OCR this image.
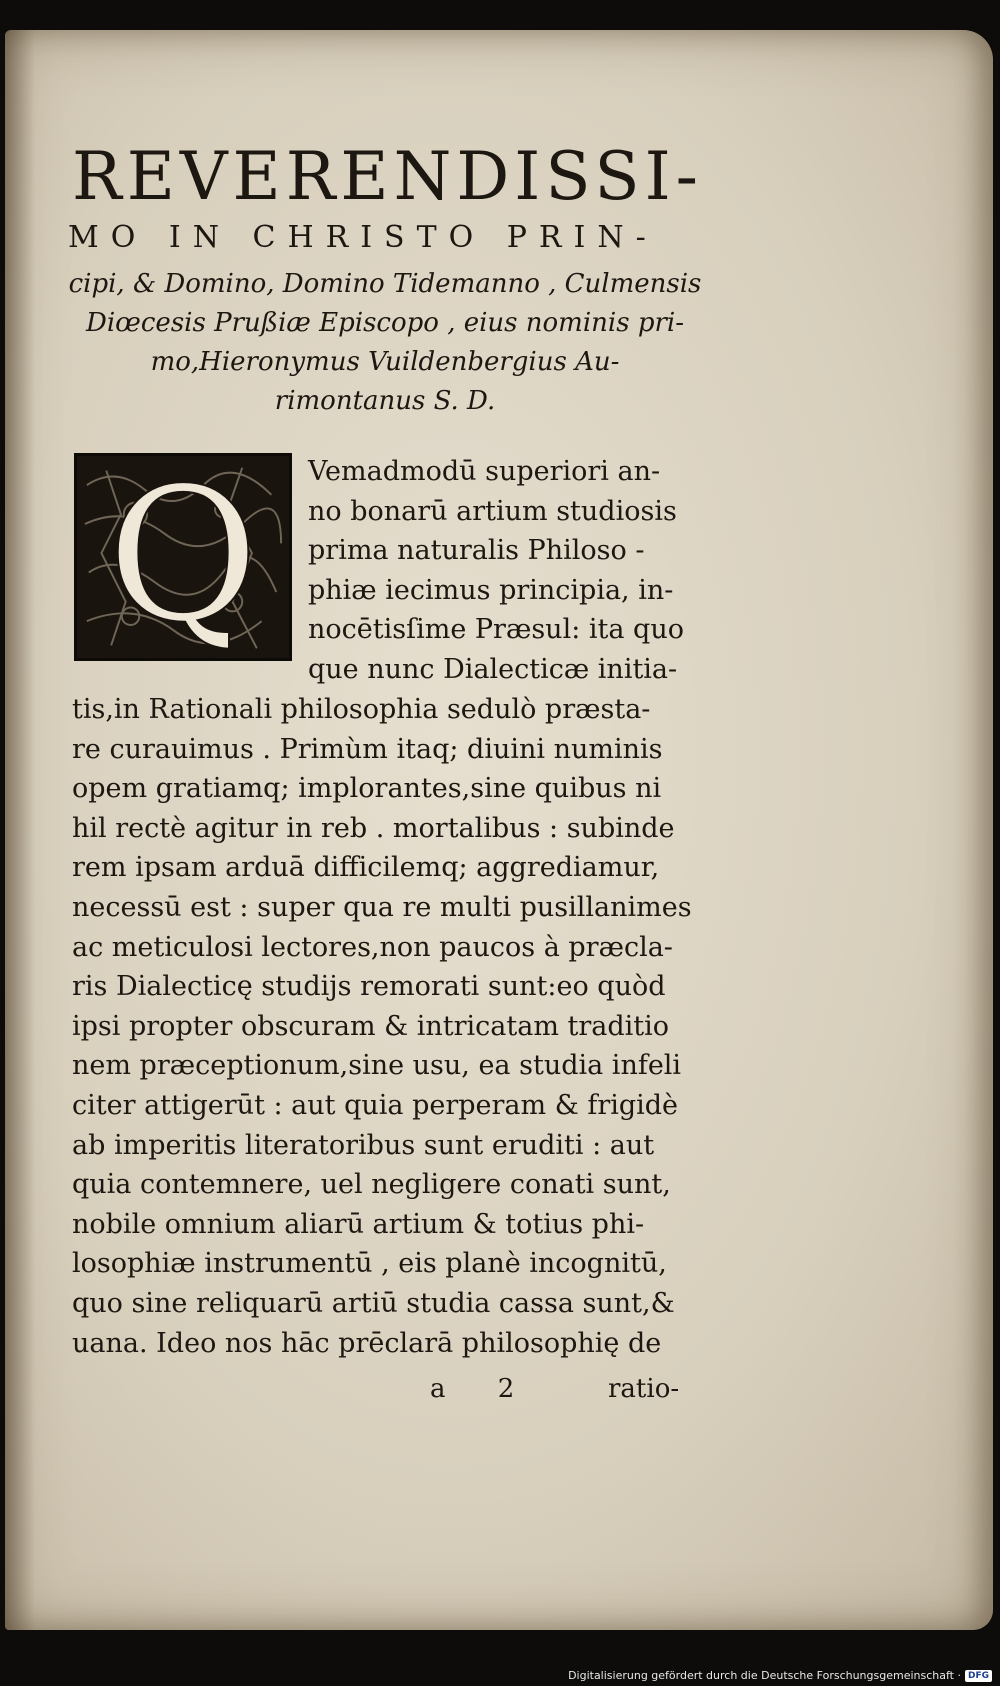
REVERENDISSI-
MO IN CHRISTO PRIN-
cipi, & Domino, Domino Tidemanno , Culmensis
Diœcesis Prußiæ Episcopo , eius nominis pri-
mo,Hieronymus Vuildenbergius Au-
rimontanus S. D.
Q Vemadmodū superiori an-
no bonarū artium studiosis
prima naturalis Philoso -
phiæ iecimus principia, in-
nocētisſime Præsul: ita quo
que nunc Dialecticæ initia-
tis,in Rationali philosophia sedulò præsta-
re curauimus . Primùm itaq; diuini numinis
opem gratiamq; implorantes,sine quibus ni
hil rectè agitur in reb . mortalibus : subinde
rem ipsam arduā difficilemq; aggrediamur,
necessū est : super qua re multi pusillanimes
ac meticulosi lectores,non paucos à præcla-
ris Dialecticę studijs remorati sunt:eo quòd
ipsi propter obscuram & intricatam traditio
nem præceptionum,sine usu, ea studia infeli
citer attigerūt : aut quia perperam & frigidè
ab imperitis literatoribus sunt eruditi : aut
quia contemnere, uel negligere conati sunt,
nobile omnium aliarū artium & totius phi-
losophiæ instrumentū , eis planè incognitū,
quo sine reliquarū artiū studia cassa sunt,&
uana. Ideo nos hāc prēclarā philosophię de
a 2	ratio-
Digitalisierung gefördert durch die Deutsche Forschungsgemeinschaft · DFG
